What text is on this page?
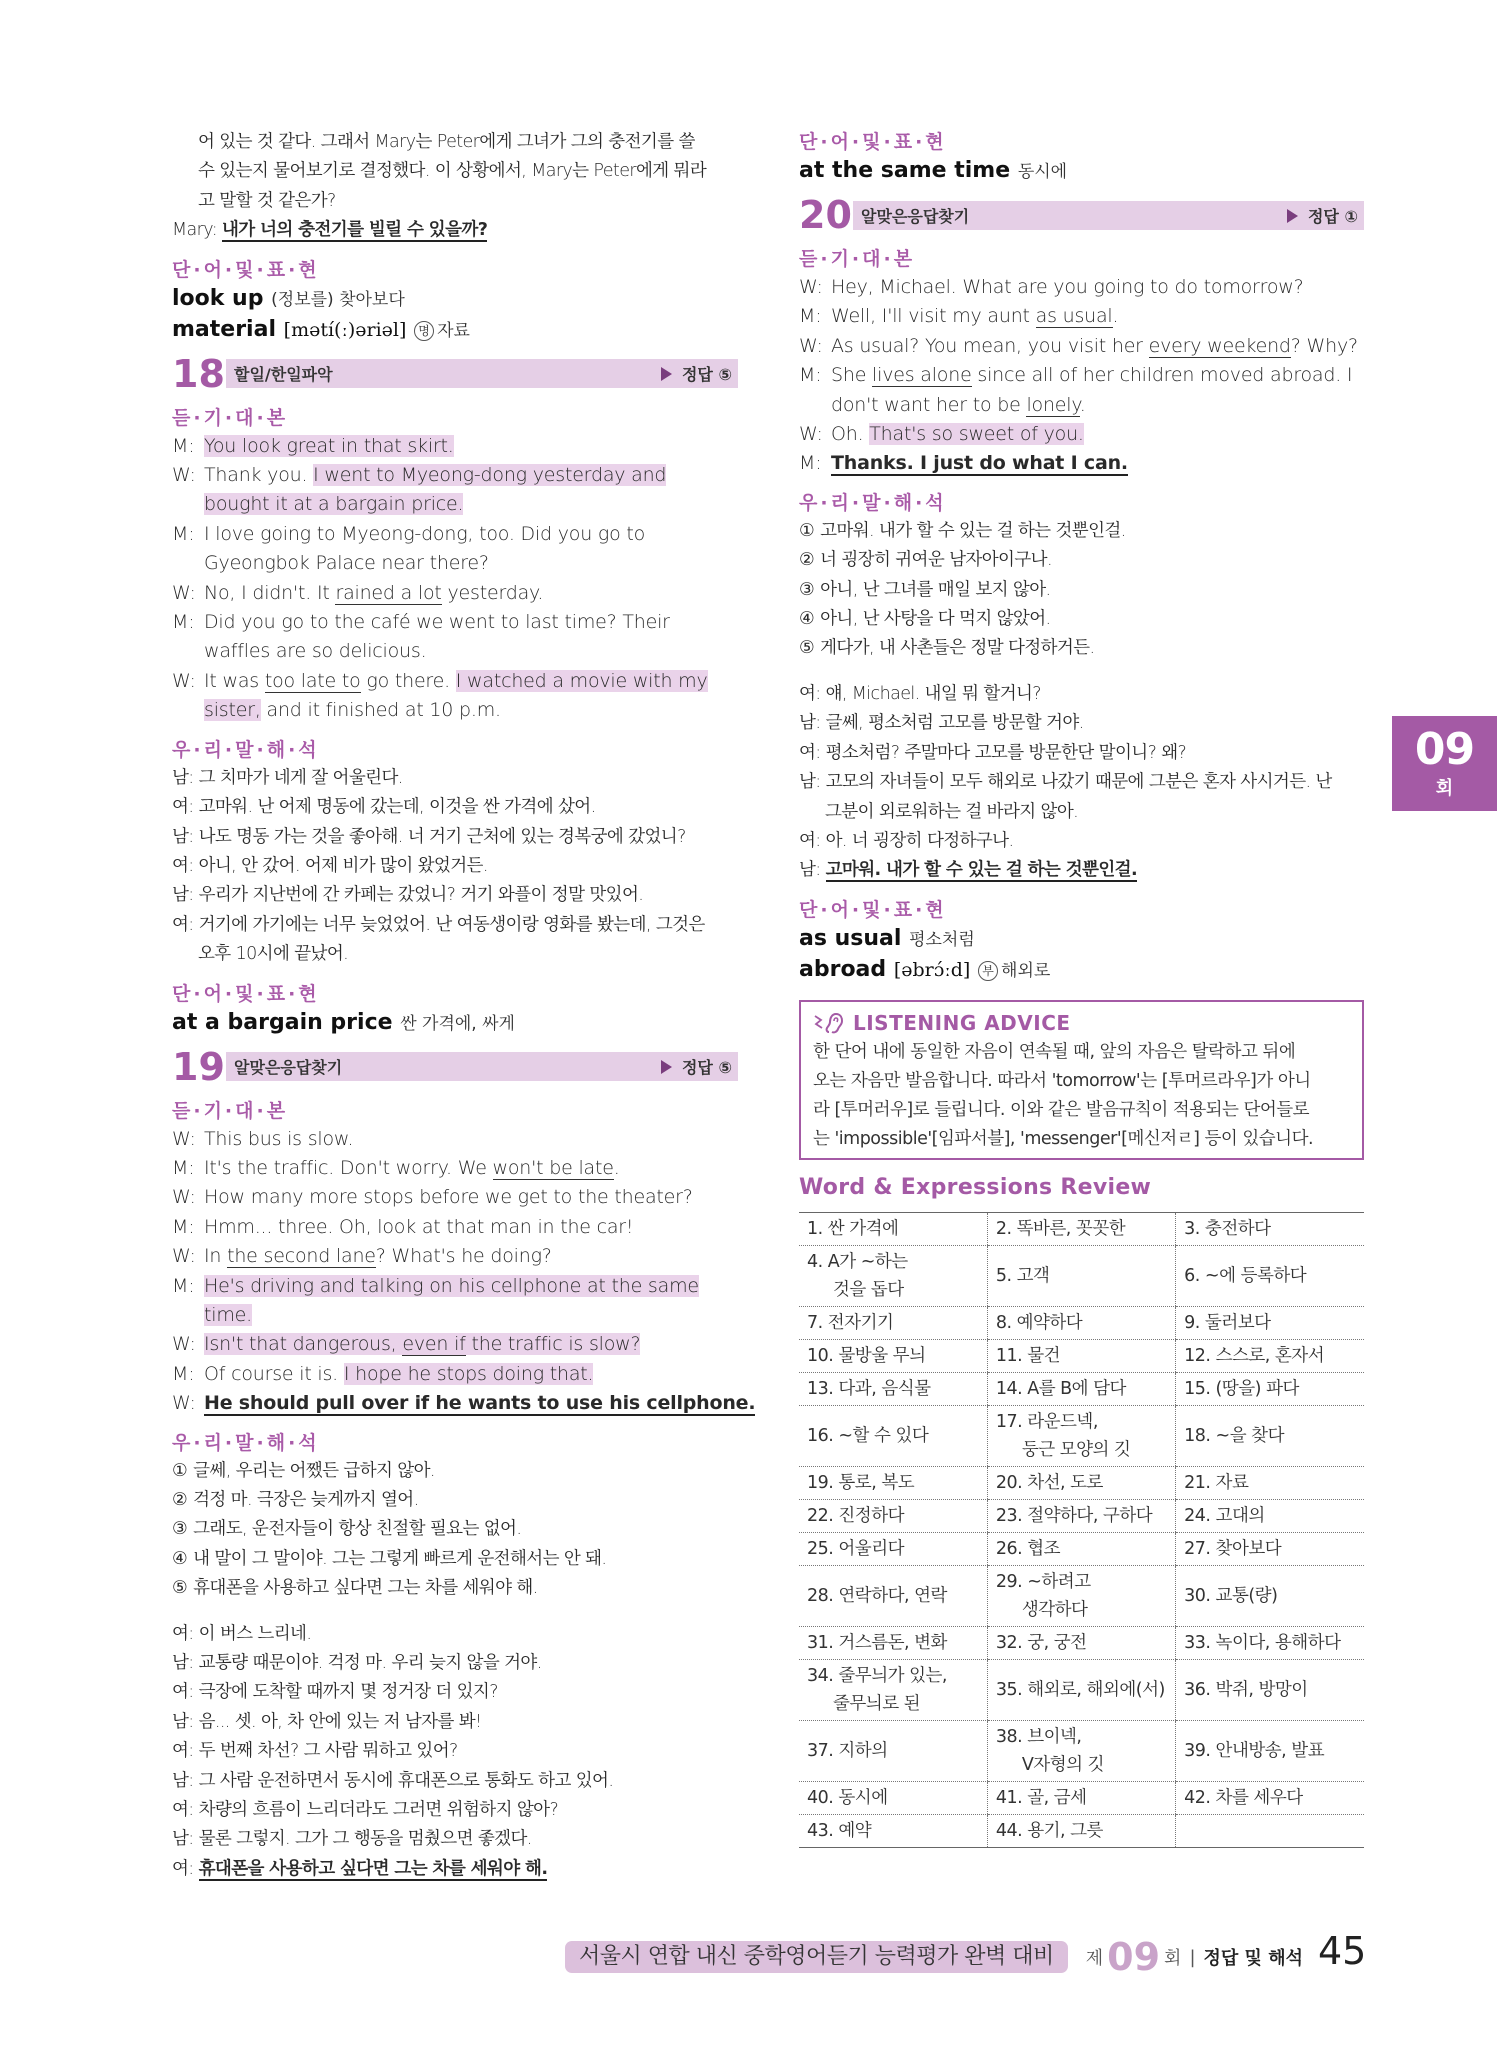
어 있는 것 같다. 그래서 Mary는 Peter에게 그녀가 그의 충전기를 쓸
수 있는지 물어보기로 결정했다. 이 상황에서, Mary는 Peter에게 뭐라
고 말할 것 같은가?
Mary: 내가 너의 충전기를 빌릴 수 있을까?
단·어·및·표·현
look up (정보를) 찾아보다
material [mətí(ː)əriəl] 명 자료
18 할일/한일파악	정답 ⑤
듣·기·대·본
M:You look great in that skirt.
W:Thank you. I went to Myeong-dong yesterday and
bought it at a bargain price.
M:I love going to Myeong-dong, too. Did you go to
Gyeongbok Palace near there?
W:No, I didn't. It rained a lot yesterday.
M:Did you go to the café we went to last time? Their
waffles are so delicious.
W:It was too late to go there. I watched a movie with my
sister, and it finished at 10 p.m.
우·리·말·해·석
남: 그 치마가 네게 잘 어울린다.
여: 고마워. 난 어제 명동에 갔는데, 이것을 싼 가격에 샀어.
남: 나도 명동 가는 것을 좋아해. 너 거기 근처에 있는 경복궁에 갔었니?
여: 아니, 안 갔어. 어제 비가 많이 왔었거든.
남: 우리가 지난번에 간 카페는 갔었니? 거기 와플이 정말 맛있어.
여: 거기에 가기에는 너무 늦었었어. 난 여동생이랑 영화를 봤는데, 그것은
오후 10시에 끝났어.
단·어·및·표·현
at a bargain price 싼 가격에, 싸게
19 알맞은응답찾기	정답 ⑤
듣·기·대·본
W:This bus is slow.
M:It's the traffic. Don't worry. We won't be late.
W:How many more stops before we get to the theater?
M:Hmm... three. Oh, look at that man in the car!
W:In the second lane? What's he doing?
M:He's driving and talking on his cellphone at the same
time.
W:Isn't that dangerous, even if the traffic is slow?
M:Of course it is. I hope he stops doing that.
W:He should pull over if he wants to use his cellphone.
우·리·말·해·석
① 글쎄, 우리는 어쨌든 급하지 않아.
② 걱정 마. 극장은 늦게까지 열어.
③ 그래도, 운전자들이 항상 친절할 필요는 없어.
④ 내 말이 그 말이야. 그는 그렇게 빠르게 운전해서는 안 돼.
⑤ 휴대폰을 사용하고 싶다면 그는 차를 세워야 해.
여: 이 버스 느리네.
남: 교통량 때문이야. 걱정 마. 우리 늦지 않을 거야.
여: 극장에 도착할 때까지 몇 정거장 더 있지?
남: 음... 셋. 아, 차 안에 있는 저 남자를 봐!
여: 두 번째 차선? 그 사람 뭐하고 있어?
남: 그 사람 운전하면서 동시에 휴대폰으로 통화도 하고 있어.
여: 차량의 흐름이 느리더라도 그러면 위험하지 않아?
남: 물론 그렇지. 그가 그 행동을 멈췄으면 좋겠다.
여: 휴대폰을 사용하고 싶다면 그는 차를 세워야 해.
단·어·및·표·현
at the same time 동시에
20 알맞은응답찾기	정답 ①
듣·기·대·본
W:Hey, Michael. What are you going to do tomorrow?
M:Well, I'll visit my aunt as usual.
W:As usual? You mean, you visit her every weekend? Why?
M:She lives alone since all of her children moved abroad. I
don't want her to be lonely.
W:Oh. That's so sweet of you.
M:Thanks. I just do what I can.
우·리·말·해·석
① 고마워. 내가 할 수 있는 걸 하는 것뿐인걸.
② 너 굉장히 귀여운 남자아이구나.
③ 아니, 난 그녀를 매일 보지 않아.
④ 아니, 난 사탕을 다 먹지 않았어.
⑤ 게다가, 내 사촌들은 정말 다정하거든.
여: 얘, Michael. 내일 뭐 할거니?
남: 글쎄, 평소처럼 고모를 방문할 거야.
여: 평소처럼? 주말마다 고모를 방문한단 말이니? 왜?
남: 고모의 자녀들이 모두 해외로 나갔기 때문에 그분은 혼자 사시거든. 난
그분이 외로워하는 걸 바라지 않아.
여: 아. 너 굉장히 다정하구나.
남: 고마워. 내가 할 수 있는 걸 하는 것뿐인걸.
단·어·및·표·현
as usual 평소처럼
abroad [əbrɔ́ːd] 부 해외로
LISTENING ADVICE
한 단어 내에 동일한 자음이 연속될 때, 앞의 자음은 탈락하고 뒤에
오는 자음만 발음합니다. 따라서 'tomorrow'는 [투머르라우]가 아니
라 [투머러우]로 들립니다. 이와 같은 발음규칙이 적용되는 단어들로
는 'impossible'[임파서블], 'messenger'[메신저ㄹ] 등이 있습니다.
Word & Expressions Review
1. 싼 가격에	2. 똑바른, 꼿꼿한	3. 충전하다

4. A가 ~하는
것을 돕다	5. 고객	6. ~에 등록하다

7. 전자기기	8. 예약하다	9. 둘러보다

10. 물방울 무늬	11. 물건	12. 스스로, 혼자서

13. 다과, 음식물	14. A를 B에 담다	15. (땅을) 파다

16. ~할 수 있다	17. 라운드넥,
둥근 모양의 깃	18. ~을 찾다

19. 통로, 복도	20. 차선, 도로	21. 자료

22. 진정하다	23. 절약하다, 구하다	24. 고대의

25. 어울리다	26. 협조	27. 찾아보다

28. 연락하다, 연락	29. ~하려고
생각하다	30. 교통(량)

31. 거스름돈, 변화	32. 궁, 궁전	33. 녹이다, 용해하다

34. 줄무늬가 있는,
줄무늬로 된	35. 해외로, 해외에(서)	36. 박쥐, 방망이

37. 지하의	38. 브이넥,
V자형의 깃	39. 안내방송, 발표

40. 동시에	41. 골, 금세	42. 차를 세우다

43. 예약	44. 용기, 그릇	

09
회
서울시 연합 내신 중학영어듣기 능력평가 완벽 대비	제 09 회 | 정답 및 해석 45
